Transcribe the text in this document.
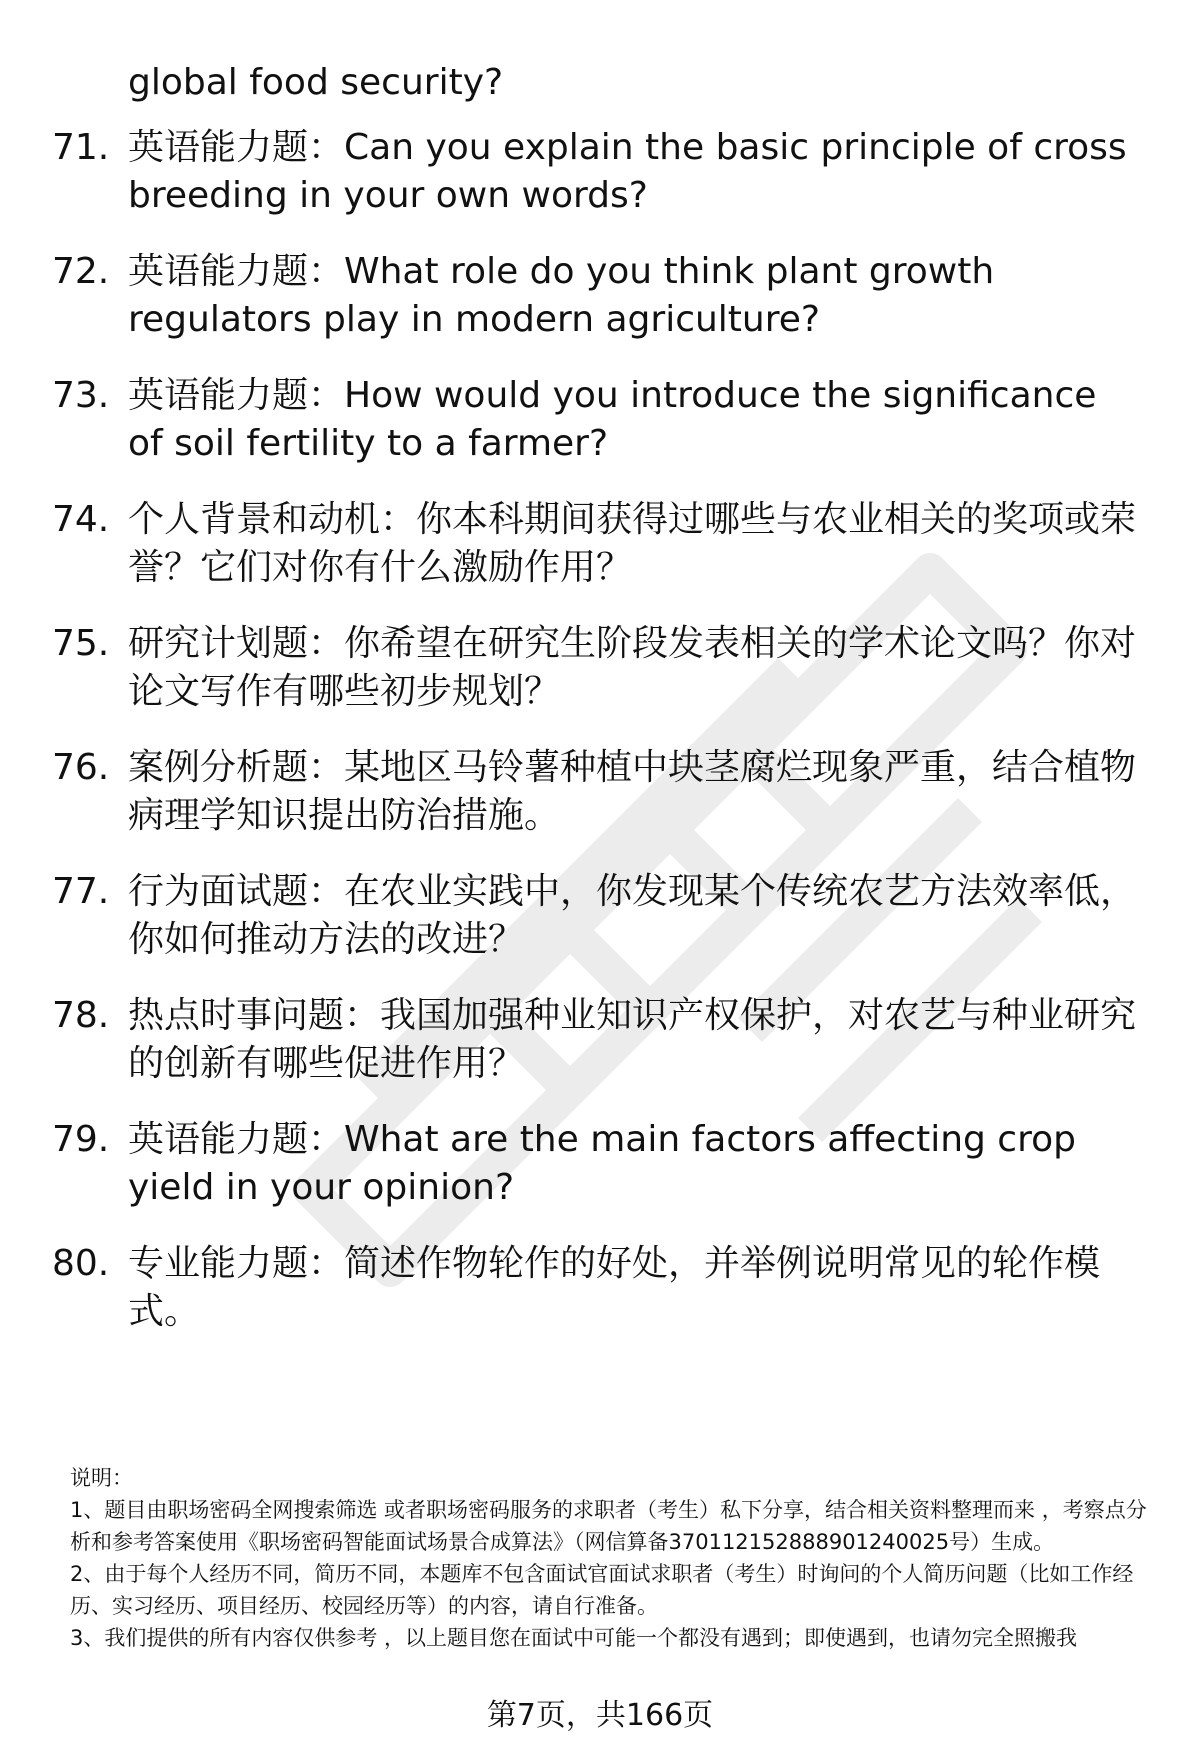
global food security?

71. 英语能力题：Can you explain the basic principle of cross breeding in your own words?
72. 英语能力题：What role do you think plant growth regulators play in modern agriculture?
73. 英语能力题：How would you introduce the significance of soil fertility to a farmer?
74. 个人背景和动机：你本科期间获得过哪些与农业相关的奖项或荣誉？它们对你有什么激励作用？
75. 研究计划题：你希望在研究生阶段发表相关的学术论文吗？你对论文写作有哪些初步规划？
76. 案例分析题：某地区马铃薯种植中块茎腐烂现象严重，结合植物病理学知识提出防治措施。
77. 行为面试题：在农业实践中，你发现某个传统农艺方法效率低，你如何推动方法的改进？
78. 热点时事问题：我国加强种业知识产权保护，对农艺与种业研究的创新有哪些促进作用？
79. 英语能力题：What are the main factors affecting crop yield in your opinion?
80. 专业能力题：简述作物轮作的好处，并举例说明常见的轮作模式。

说明：

1、题目由职场密码全网搜索筛选 或者职场密码服务的求职者（考生）私下分享，结合相关资料整理而来 ，考察点分析和参考答案使用《职场密码智能面试场景合成算法》（网信算备370112152888901240025号）生成。

2、由于每个人经历不同，简历不同，本题库不包含面试官面试求职者（考生）时询问的个人简历问题（比如工作经历、实习经历、项目经历、校园经历等）的内容，请自行准备。

3、我们提供的所有内容仅供参考 ，以上题目您在面试中可能一个都没有遇到；即使遇到，也请勿完全照搬我

第7页，共166页
